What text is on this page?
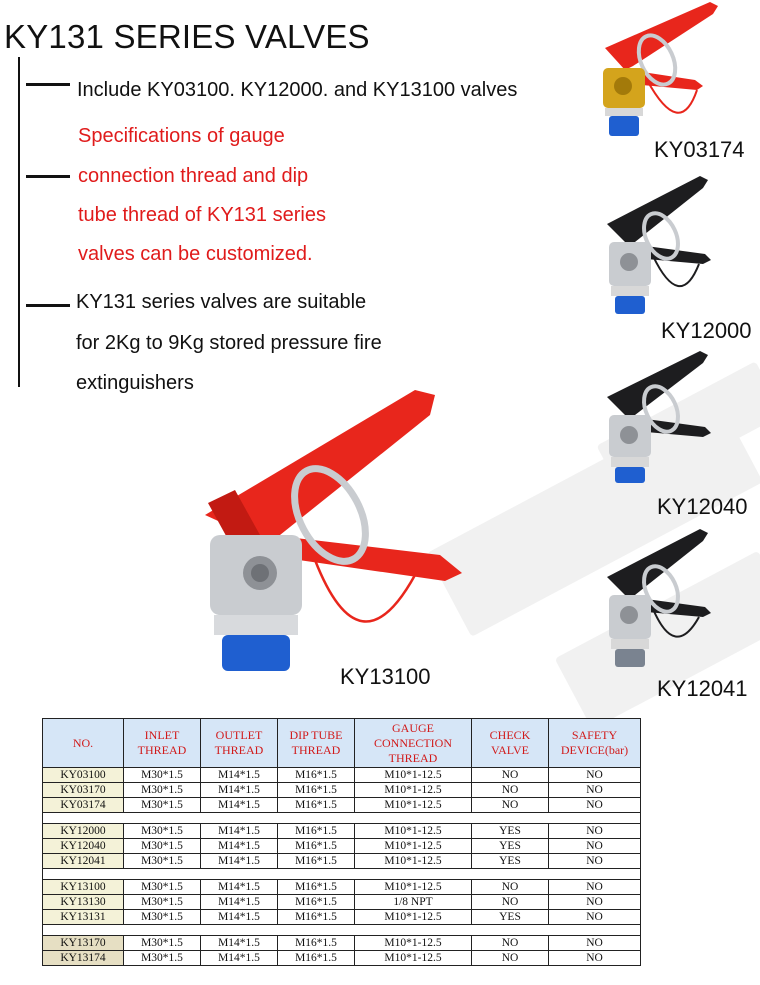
KY131 SERIES VALVES
Include KY03100. KY12000. and KY13100 valves
Specifications of gauge
connection thread and dip
tube thread of KY131 series
valves can be customized.
KY131 series valves are suitable
for 2Kg to 9Kg stored pressure fire
extinguishers
KY03174
KY12000
KY12040
KY12041
KY13100
NO.	INLET THREAD	OUTLET THREAD	DIP TUBE THREAD	GAUGE CONNECTION THREAD	CHECK VALVE	SAFETY DEVICE(bar)
KY03100	M30*1.5	M14*1.5	M16*1.5	M10*1-12.5	NO	NO
KY03170	M30*1.5	M14*1.5	M16*1.5	M10*1-12.5	NO	NO
KY03174	M30*1.5	M14*1.5	M16*1.5	M10*1-12.5	NO	NO

KY12000	M30*1.5	M14*1.5	M16*1.5	M10*1-12.5	YES	NO
KY12040	M30*1.5	M14*1.5	M16*1.5	M10*1-12.5	YES	NO
KY12041	M30*1.5	M14*1.5	M16*1.5	M10*1-12.5	YES	NO

KY13100	M30*1.5	M14*1.5	M16*1.5	M10*1-12.5	NO	NO
KY13130	M30*1.5	M14*1.5	M16*1.5	1/8 NPT	NO	NO
KY13131	M30*1.5	M14*1.5	M16*1.5	M10*1-12.5	YES	NO

KY13170	M30*1.5	M14*1.5	M16*1.5	M10*1-12.5	NO	NO
KY13174	M30*1.5	M14*1.5	M16*1.5	M10*1-12.5	NO	NO
